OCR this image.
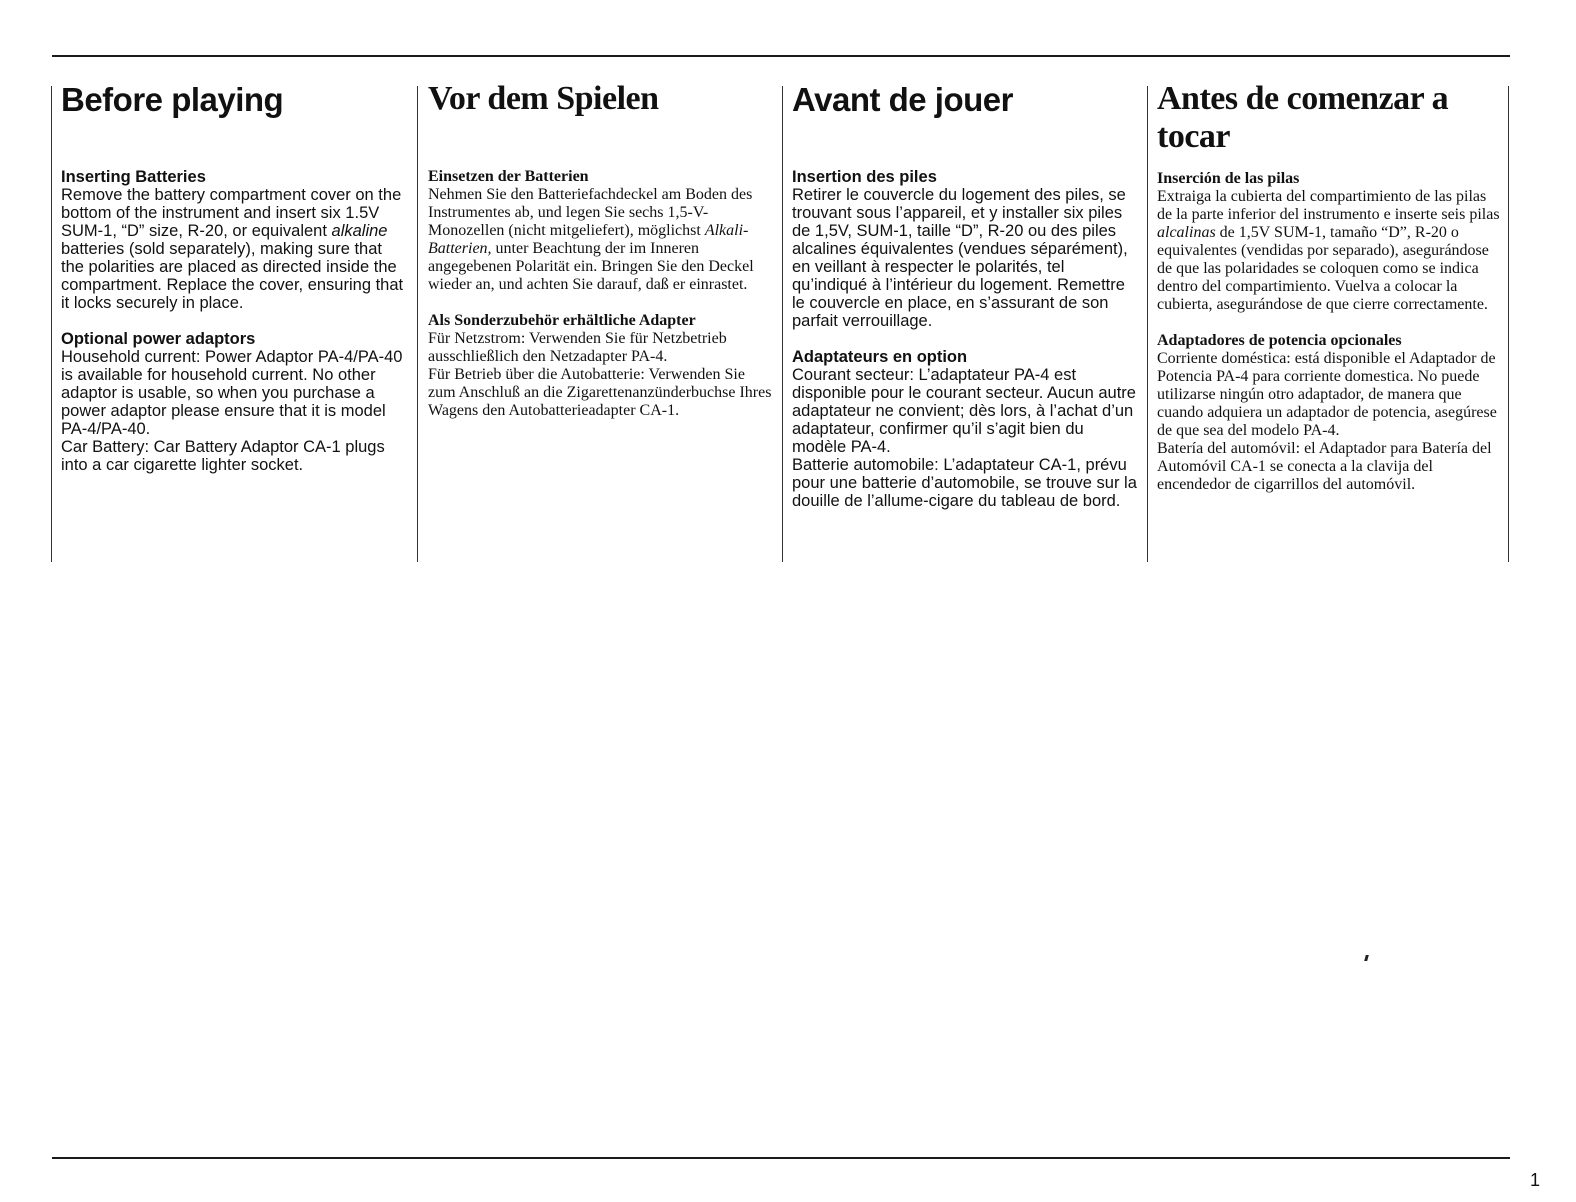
Before playing
Inserting Batteries

Remove the battery compartment cover on the bottom of the instrument and insert six 1.5V SUM-1, “D” size, R-20, or equivalent alkaline batteries (sold separately), making sure that the polarities are placed as directed inside the compartment. Replace the cover, ensuring that it locks securely in place.

Optional power adaptors

Household current: Power Adaptor PA-4/PA-40 is available for household current. No other adaptor is usable, so when you purchase a power adaptor please ensure that it is model PA-4/PA-40.

Car Battery: Car Battery Adaptor CA-1 plugs into a car cigarette lighter socket.

Vor dem Spielen
Einsetzen der Batterien

Nehmen Sie den Batteriefachdeckel am Boden des Instrumentes ab, und legen Sie sechs 1,5-V-Monozellen (nicht mitgeliefert), möglichst Alkali-Batterien, unter Beachtung der im Inneren angegebenen Polarität ein. Bringen Sie den Deckel wieder an, und achten Sie darauf, daß er einrastet.

Als Sonderzubehör erhältliche Adapter

Für Netzstrom: Verwenden Sie für Netzbetrieb ausschließlich den Netzadapter PA-4.

Für Betrieb über die Autobatterie: Verwenden Sie zum Anschluß an die Zigarettenanzünderbuchse Ihres Wagens den Autobatterieadapter CA-1.

Avant de jouer
Insertion des piles

Retirer le couvercle du logement des piles, se trouvant sous l’appareil, et y installer six piles de 1,5V, SUM-1, taille “D”, R-20 ou des piles alcalines équivalentes (vendues séparément), en veillant à respecter le polarités, tel qu’indiqué à l’intérieur du logement. Remettre le couvercle en place, en s’assurant de son parfait verrouillage.

Adaptateurs en option

Courant secteur: L’adaptateur PA-4 est disponible pour le courant secteur. Aucun autre adaptateur ne convient; dès lors, à l’achat d’un adaptateur, confirmer qu’il s’agit bien du modèle PA-4.

Batterie automobile: L’adaptateur CA-1, prévu pour une batterie d’automobile, se trouve sur la douille de l’allume-cigare du tableau de bord.

Antes de comenzar a tocar
Inserción de las pilas

Extraiga la cubierta del compartimiento de las pilas de la parte inferior del instrumento e inserte seis pilas alcalinas de 1,5V SUM-1, tamaño “D”, R-20 o equivalentes (vendidas por separado), asegurándose de que las polaridades se coloquen como se indica dentro del compartimiento. Vuelva a colocar la cubierta, asegurándose de que cierre correctamente.

Adaptadores de potencia opcionales

Corriente doméstica: está disponible el Adaptador de Potencia PA-4 para corriente domestica. No puede utilizarse ningún otro adaptador, de manera que cuando adquiera un adaptador de potencia, asegúrese de que sea del modelo PA-4.

Batería del automóvil: el Adaptador para Batería del Automóvil CA-1 se conecta a la clavija del encendedor de cigarrillos del automóvil.

1
